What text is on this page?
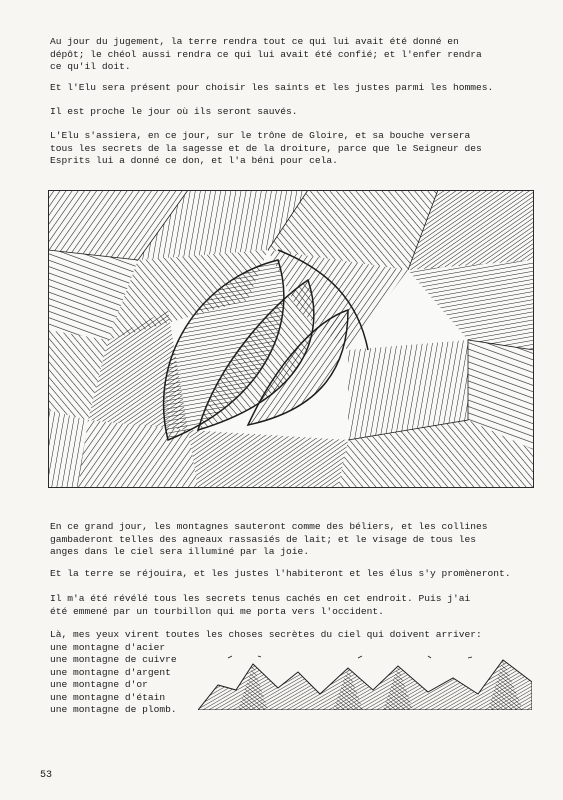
Au jour du jugement, la terre rendra tout ce qui lui avait été donné en
dépôt; le chéol aussi rendra ce qui lui avait été confié; et l'enfer rendra
ce qu'il doit.

Et l'Elu sera présent pour choisir les saints et les justes parmi les hommes.

Il est proche le jour où ils seront sauvés.

L'Elu s'assiera, en ce jour, sur le trône de Gloire, et sa bouche versera
tous les secrets de la sagesse et de la droiture, parce que le Seigneur des
Esprits lui a donné ce don, et l'a béni pour cela.

En ce grand jour, les montagnes sauteront comme des béliers, et les collines
gambaderont telles des agneaux rassasiés de lait; et le visage de tous les
anges dans le ciel sera illuminé par la joie.

Et la terre se réjouira, et les justes l'habiteront et les élus s'y promèneront.

Il m'a été révélé tous les secrets tenus cachés en cet endroit. Puis j'ai
été emmené par un tourbillon qui me porta vers l'occident.

Là, mes yeux virent toutes les choses secrètes du ciel qui doivent arriver:

une montagne d'acier
une montagne de cuivre
une montagne d'argent
une montagne d'or
une montagne d'étain
une montagne de plomb.
53
